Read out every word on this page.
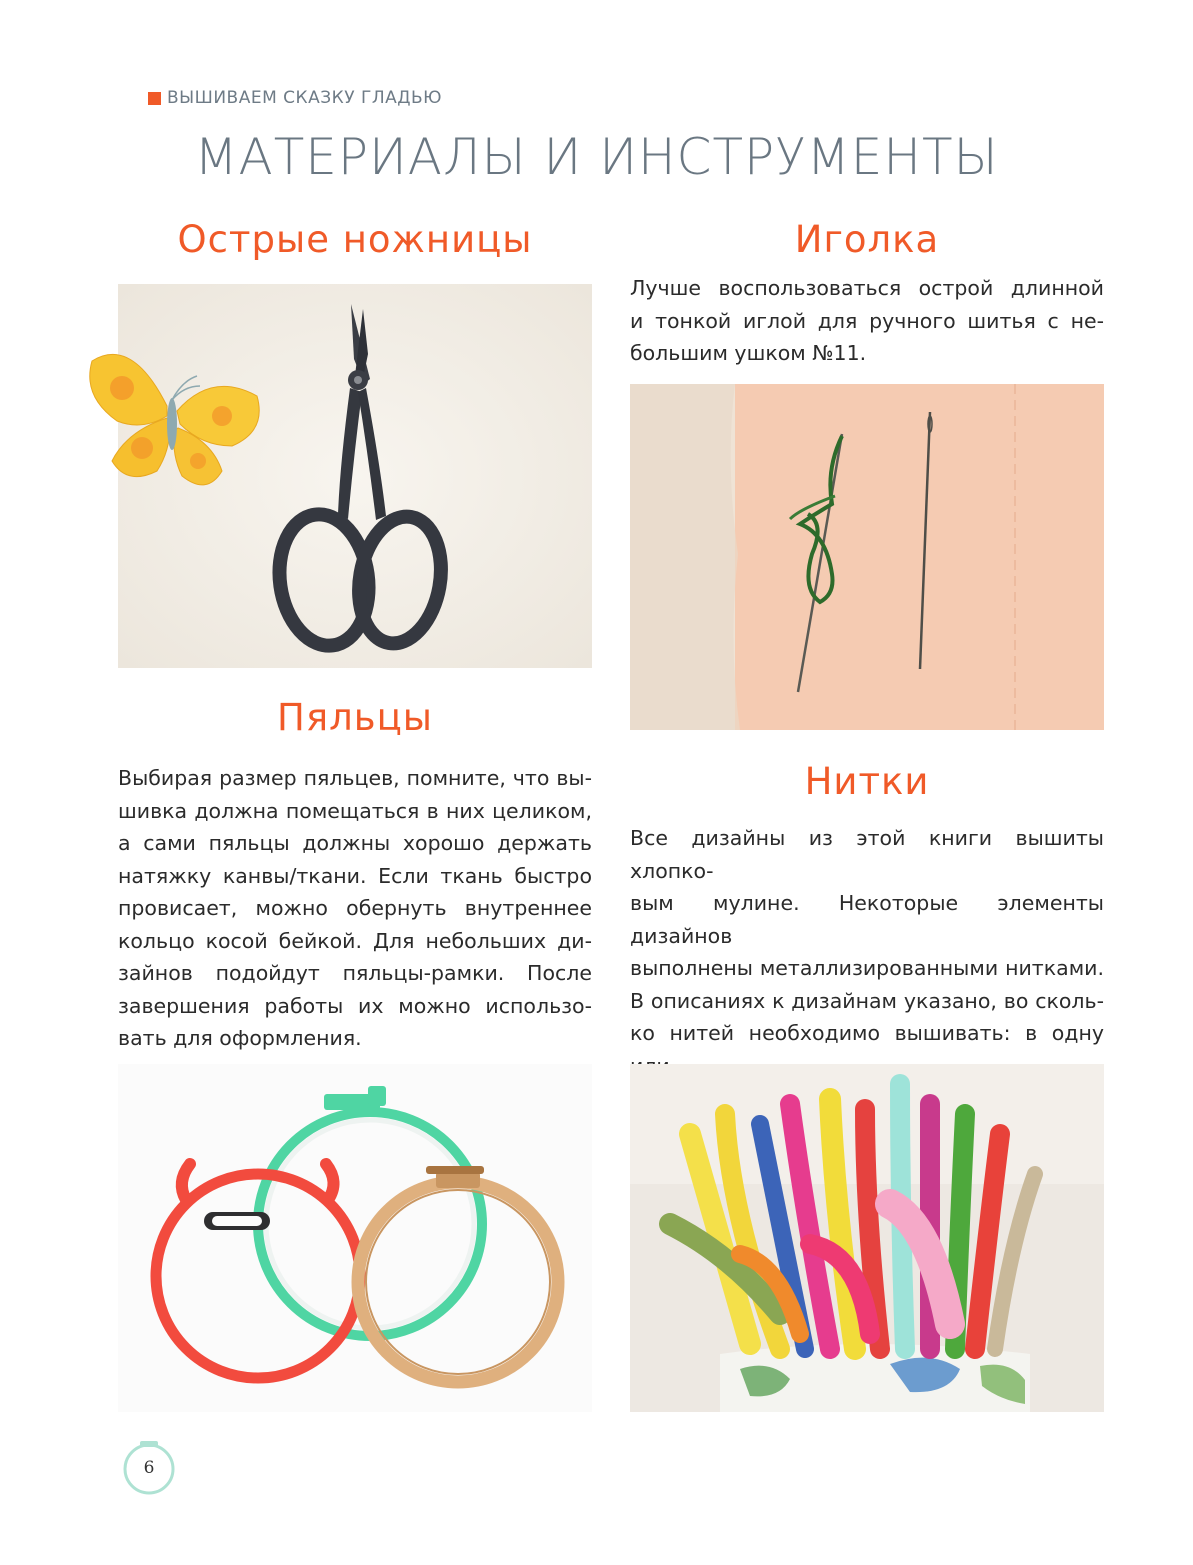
ВЫШИВАЕМ СКАЗКУ ГЛАДЬЮ
МАТЕРИАЛЫ И ИНСТРУМЕНТЫ
Острые ножницы	Иголка

Лучше воспользоваться острой длинной
и тонкой иглой для ручного шитья с не-
большим ушком №11.

Пяльцы

Выбирая размер пяльцев, помните, что вы-
шивка должна помещаться в них целиком,
а сами пяльцы должны хорошо держать
натяжку канвы/ткани. Если ткань быстро
провисает, можно обернуть внутреннее
кольцо косой бейкой. Для небольших ди-
зайнов подойдут пяльцы-рамки. После
завершения работы их можно использо-
вать для оформления.

Нитки

Все дизайны из этой книги вышиты хлопко-
вым мулине. Некоторые элементы дизайнов
выполнены металлизированными нитками.
В описаниях к дизайнам указано, во сколь-
ко нитей необходимо вышивать: в одну

6
